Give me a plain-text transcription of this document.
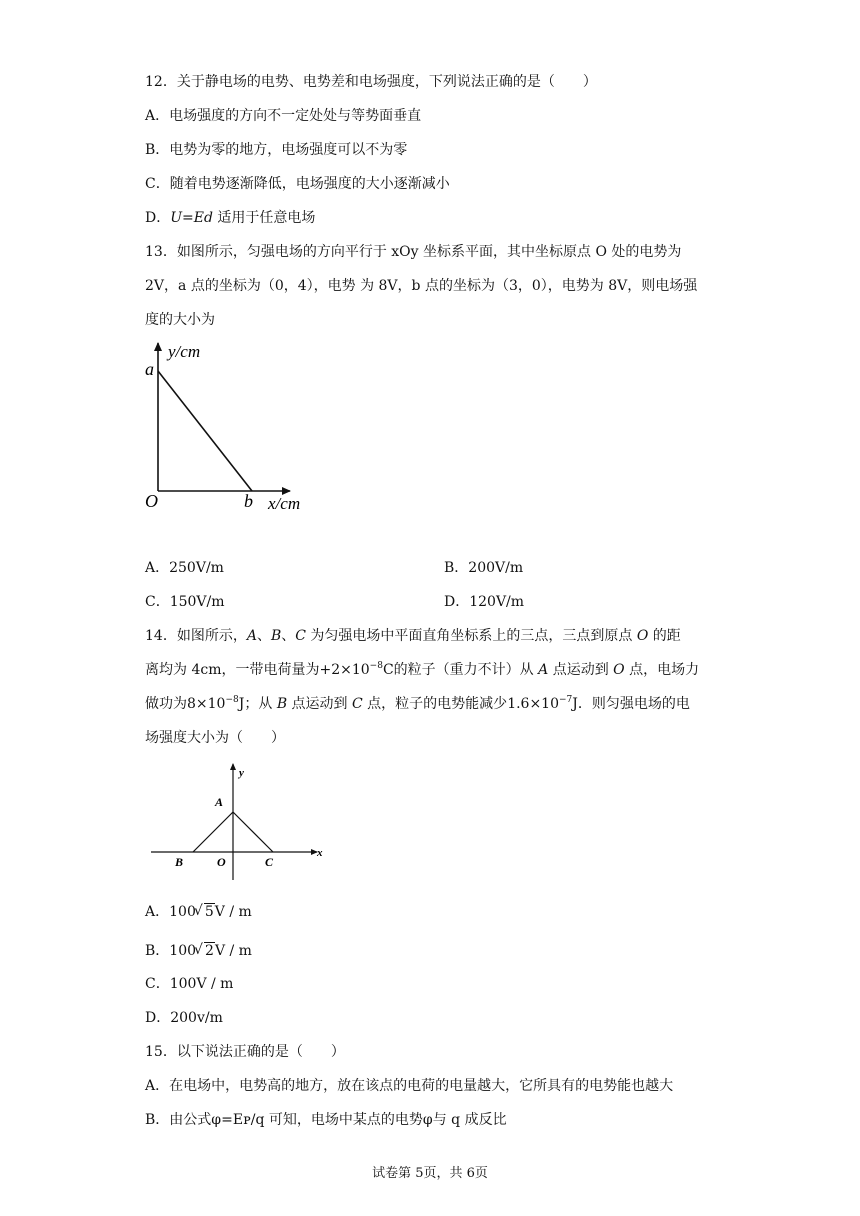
12．关于静电场的电势、电势差和电场强度，下列说法正确的是（　　）
A．电场强度的方向不一定处处与等势面垂直
B．电势为零的地方，电场强度可以不为零
C．随着电势逐渐降低，电场强度的大小逐渐减小
D．U=Ed 适用于任意电场
13．如图所示，匀强电场的方向平行于 xOy 坐标系平面，其中坐标原点 O 处的电势为
2V，a 点的坐标为（0，4），电势 为 8V，b 点的坐标为（3，0），电势为 8V，则电场强
度的大小为
y/cm
x/cm
O
a
b
A．250V/m	B．200V/m
C．150V/m	D．120V/m
14．如图所示，A、B、C 为匀强电场中平面直角坐标系上的三点，三点到原点 O 的距
离均为 4cm，一带电荷量为$+2\times 10^{-8}C$的粒子（重力不计）从 A 点运动到 O 点，电场力
做功为$8\times 10^{-8}J$；从 B 点运动到 C 点，粒子的电势能减少$1.6\times 10^{-7}J$．则匀强电场的电
场强度大小为（　　）
y
x
A
B	O	C
A．100 √ 5V / m
B．100 √ 2V / m
C．100V / m
D．200v/m
15．以下说法正确的是（　　）
A．在电场中，电势高的地方，放在该点的电荷的电量越大，它所具有的电势能也越大
B．由公式φ=Eᴘ/q 可知，电场中某点的电势φ与 q 成反比
试卷第 5页，共 6页
